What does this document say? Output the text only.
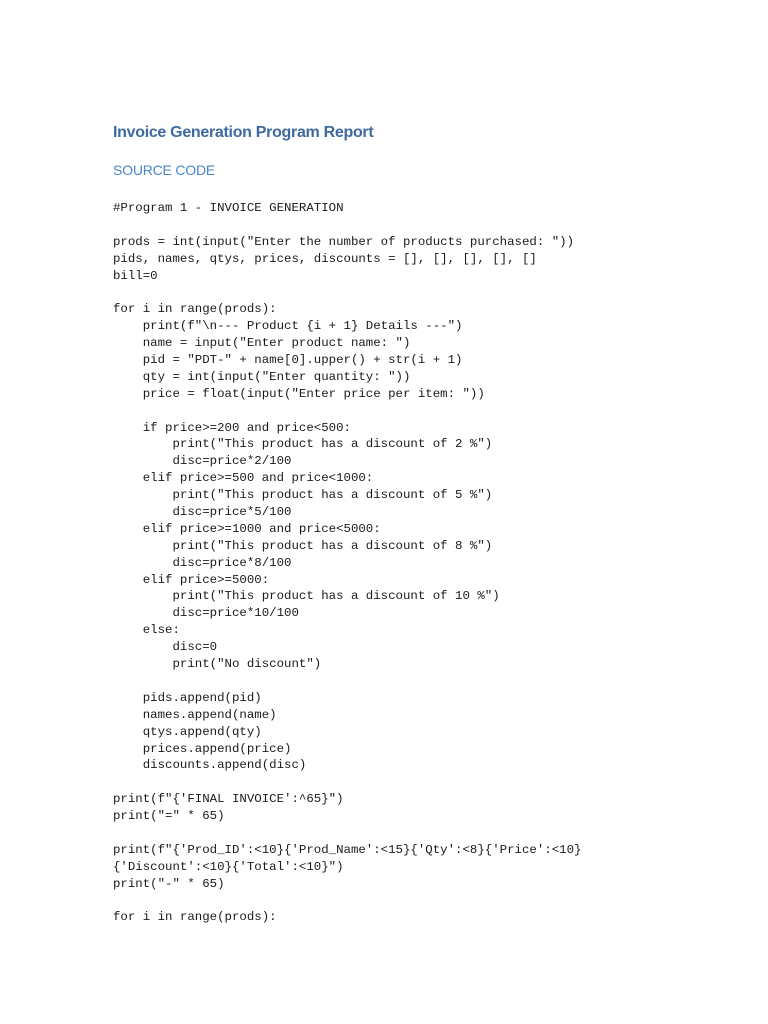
Invoice Generation Program Report
SOURCE CODE
#Program 1 - INVOICE GENERATION
prods = int(input("Enter the number of products purchased: "))
pids, names, qtys, prices, discounts = [], [], [], [], []
bill=0
for i in range(prods):
print(f"\n--- Product {i + 1} Details ---")
name = input("Enter product name: ")
pid = "PDT-" + name[0].upper() + str(i + 1)
qty = int(input("Enter quantity: "))
price = float(input("Enter price per item: "))
if price>=200 and price<500:
print("This product has a discount of 2 %")
disc=price*2/100
elif price>=500 and price<1000:
print("This product has a discount of 5 %")
disc=price*5/100
elif price>=1000 and price<5000:
print("This product has a discount of 8 %")
disc=price*8/100
elif price>=5000:
print("This product has a discount of 10 %")
disc=price*10/100
else:
disc=0
print("No discount")
pids.append(pid)
names.append(name)
qtys.append(qty)
prices.append(price)
discounts.append(disc)
print(f"{'FINAL INVOICE':^65}")
print("=" * 65)
print(f"{'Prod_ID':<10}{'Prod_Name':<15}{'Qty':<8}{'Price':<10}
{'Discount':<10}{'Total':<10}")
print("-" * 65)
for i in range(prods):
